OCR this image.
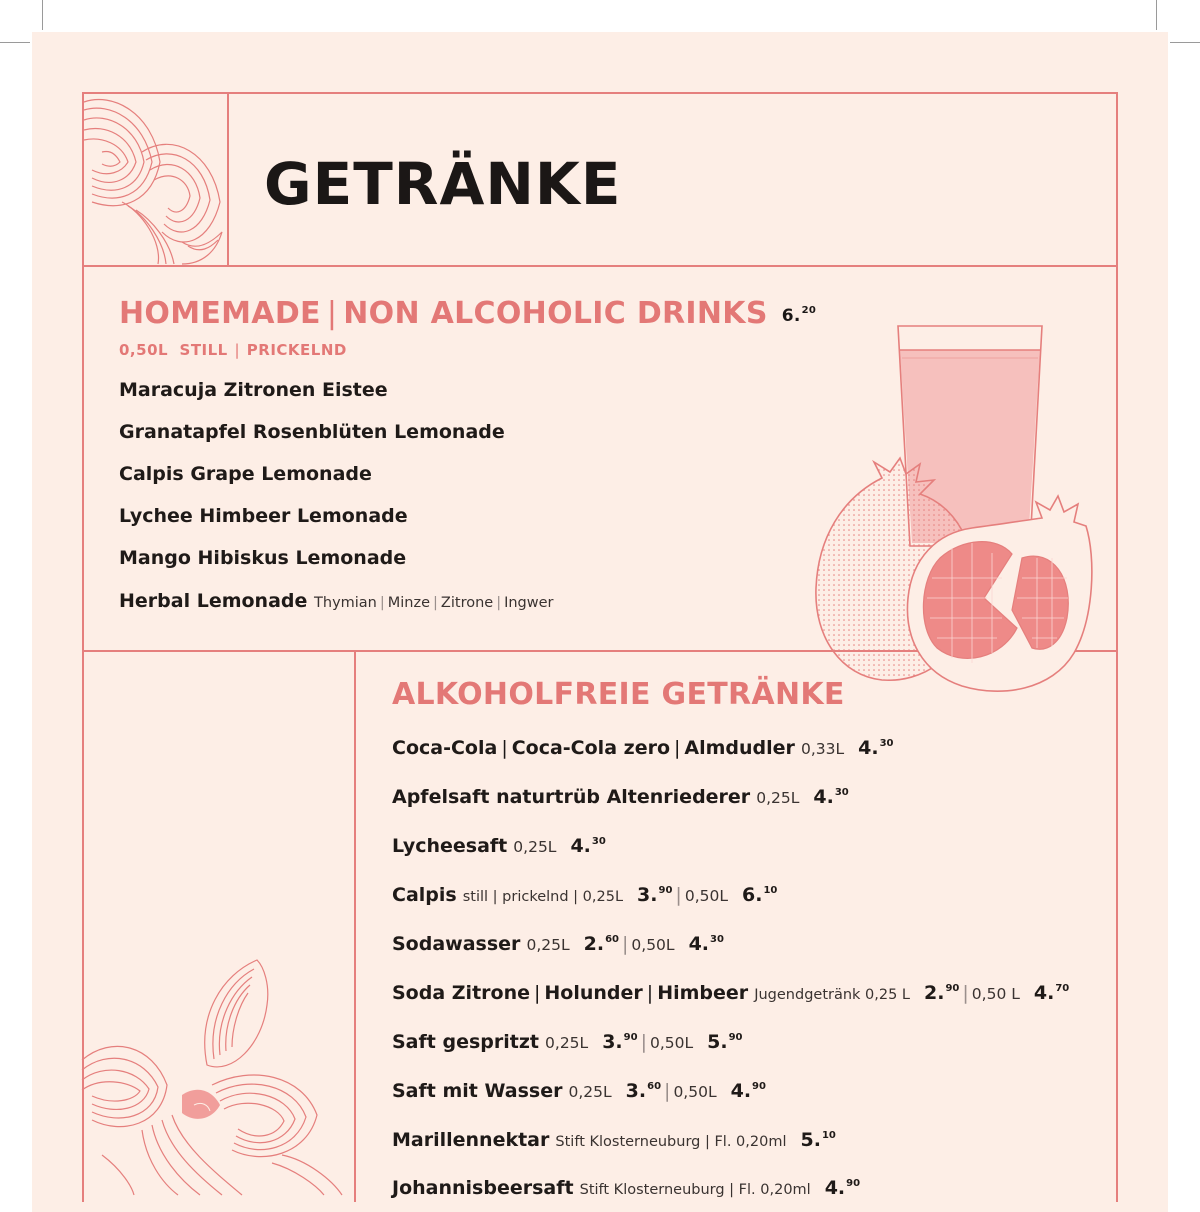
GETRÄNKE
HOMEMADE | NON ALCOHOLIC DRINKS 6.20
0,50L  STILL | PRICKELND
Maracuja Zitronen Eistee
Granatapfel Rosenblüten Lemonade
Calpis Grape Lemonade
Lychee Himbeer Lemonade
Mango Hibiskus Lemonade
Herbal Lemonade Thymian | Minze | Zitrone | Ingwer
ALKOHOLFREIE GETRÄNKE
Coca-Cola | Coca-Cola zero | Almdudler 0,33L 4.30
Apfelsaft naturtrüb Altenriederer 0,25L 4.30
Lycheesaft 0,25L 4.30
Calpis still | prickelnd | 0,25L 3.90 | 0,50L 6.10
Sodawasser 0,25L 2.60 | 0,50L 4.30
Soda Zitrone | Holunder | Himbeer Jugendgetränk 0,25 L 2.90 | 0,50 L 4.70
Saft gespritzt 0,25L 3.90 | 0,50L 5.90
Saft mit Wasser 0,25L 3.60 | 0,50L 4.90
Marillennektar Stift Klosterneuburg | Fl. 0,20ml 5.10
Johannisbeersaft Stift Klosterneuburg | Fl. 0,20ml 4.90
